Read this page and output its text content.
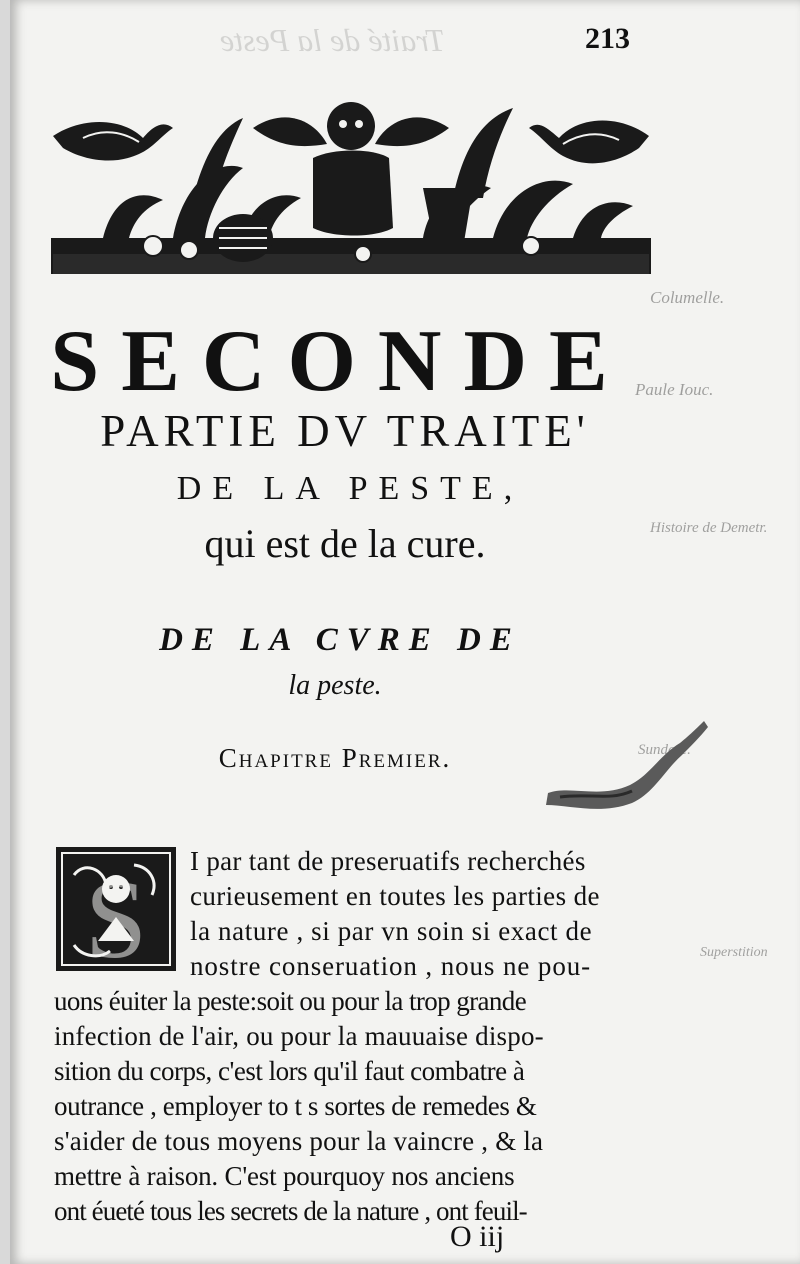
Traité de la Peste	213
Columelle.
Paule Iouc.
Histoire de Demetr.
Sundesc.
Superstition
SECONDE
PARTIE DV TRAITE'
DE LA PESTE,
qui est de la cure.
DE LA CVRE DE
la peste.
Chapitre Premier.
S I par tant de preseruatifs recherchés
curieusement en toutes les parties de
la nature , si par vn soin si exact de
nostre conseruation , nous ne pou-
uons éuiter la peste:soit ou pour la trop grande
infection de l'air, ou pour la mauuaise dispo-
sition du corps, c'est lors qu'il faut combatre à
outrance , employer to t s sortes de remedes &
s'aider de tous moyens pour la vaincre , & la
mettre à raison. C'est pourquoy nos anciens
ont éueté tous les secrets de la nature , ont feuil-
O iij
